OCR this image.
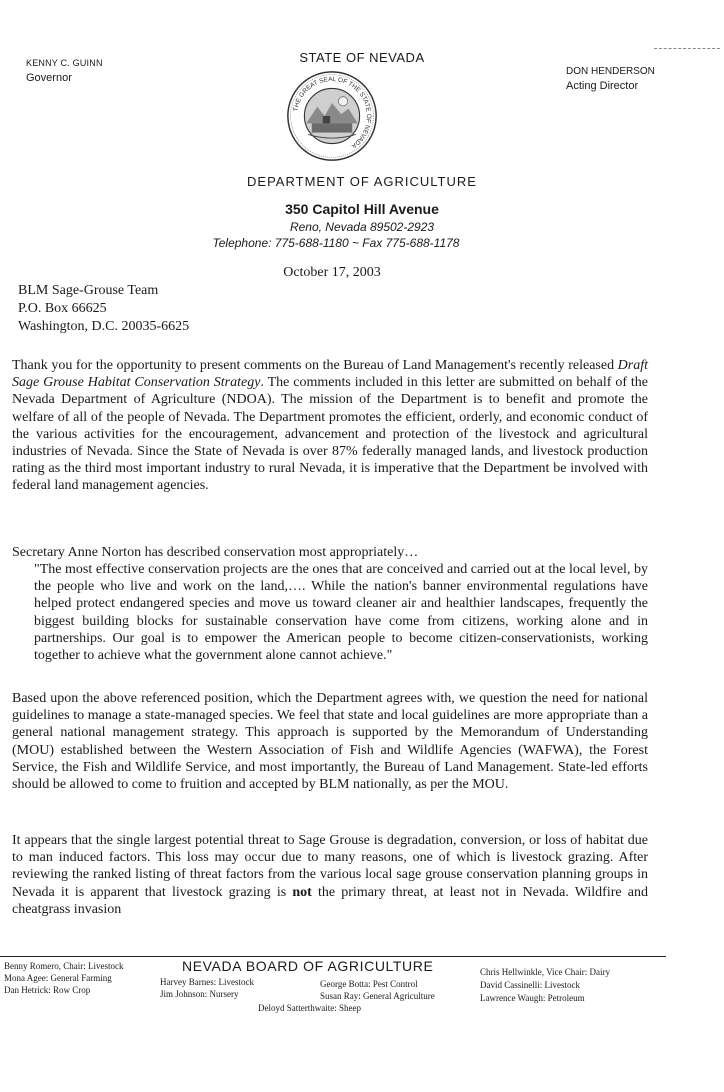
KENNY C. GUINN
Governor
STATE OF NEVADA
DON HENDERSON
Acting Director
THE GREAT SEAL OF THE STATE OF NEVADA
DEPARTMENT OF AGRICULTURE
350 Capitol Hill Avenue
Reno, Nevada 89502-2923
Telephone: 775-688-1180 ~ Fax 775-688-1178
October 17, 2003
BLM Sage-Grouse Team
P.O. Box 66625
Washington, D.C. 20035-6625

Thank you for the opportunity to present comments on the Bureau of Land Management's recently released Draft Sage Grouse Habitat Conservation Strategy. The comments included in this letter are submitted on behalf of the Nevada Department of Agriculture (NDOA). The mission of the Department is to benefit and promote the welfare of all of the people of Nevada. The Department promotes the efficient, orderly, and economic conduct of the various activities for the encouragement, advancement and protection of the livestock and agricultural industries of Nevada. Since the State of Nevada is over 87% federally managed lands, and livestock production rating as the third most important industry to rural Nevada, it is imperative that the Department be involved with federal land management agencies.

Secretary Anne Norton has described conservation most appropriately…

"The most effective conservation projects are the ones that are conceived and carried out at the local level, by the people who live and work on the land,…. While the nation's banner environmental regulations have helped protect endangered species and move us toward cleaner air and healthier landscapes, frequently the biggest building blocks for sustainable conservation have come from citizens, working alone and in partnerships. Our goal is to empower the American people to become citizen-conservationists, working together to achieve what the government alone cannot achieve."

Based upon the above referenced position, which the Department agrees with, we question the need for national guidelines to manage a state-managed species. We feel that state and local guidelines are more appropriate than a general national management strategy. This approach is supported by the Memorandum of Understanding (MOU) established between the Western Association of Fish and Wildlife Agencies (WAFWA), the Forest Service, the Fish and Wildlife Service, and most importantly, the Bureau of Land Management. State-led efforts should be allowed to come to fruition and accepted by BLM nationally, as per the MOU.

It appears that the single largest potential threat to Sage Grouse is degradation, conversion, or loss of habitat due to man induced factors. This loss may occur due to many reasons, one of which is livestock grazing. After reviewing the ranked listing of threat factors from the various local sage grouse conservation planning groups in Nevada it is apparent that livestock grazing is not the primary threat, at least not in Nevada. Wildfire and cheatgrass invasion

NEVADA BOARD OF AGRICULTURE
Benny Romero, Chair: Livestock
Mona Agee: General Farming
Dan Hetrick: Row Crop
Harvey Barnes: Livestock
Jim Johnson: Nursery
George Botta: Pest Control
Susan Ray: General Agriculture
Chris Hellwinkle, Vice Chair: Dairy
David Cassinelli: Livestock
Lawrence Waugh: Petroleum
Deloyd Satterthwaite: Sheep
